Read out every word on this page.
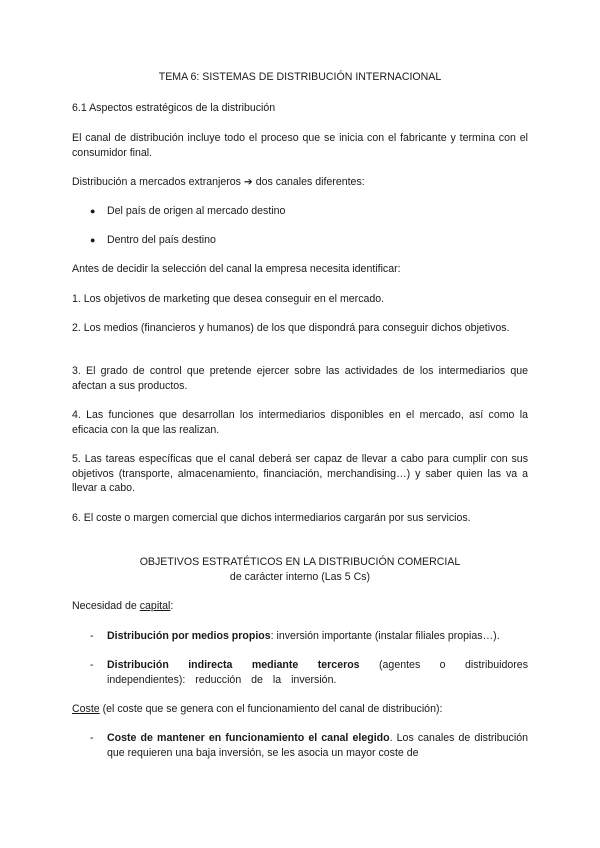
TEMA 6: SISTEMAS DE DISTRIBUCIÓN INTERNACIONAL
6.1 Aspectos estratégicos de la distribución
El canal de distribución incluye todo el proceso que se inicia con el fabricante y termina con el consumidor final.
Distribución a mercados extranjeros ➔ dos canales diferentes:
●	Del país de origen al mercado destino
●	Dentro del país destino
Antes de decidir la selección del canal la empresa necesita identificar:
1. Los objetivos de marketing que desea conseguir en el mercado.
2. Los medios (financieros y humanos) de los que dispondrá para conseguir dichos objetivos.
3. El grado de control que pretende ejercer sobre las actividades de los intermediarios que afectan a sus productos.
4. Las funciones que desarrollan los intermediarios disponibles en el mercado, así como la eficacia con la que las realizan.
5. Las tareas específicas que el canal deberá ser capaz de llevar a cabo para cumplir con sus objetivos (transporte, almacenamiento, financiación, merchandising…) y saber quien las va a llevar a cabo.
6. El coste o margen comercial que dichos intermediarios cargarán por sus servicios.
OBJETIVOS ESTRATÉTICOS EN LA DISTRIBUCIÓN COMERCIAL
de carácter interno (Las 5 Cs)
Necesidad de capital:
- Distribución por medios propios: inversión importante (instalar filiales propias…).
- Distribución indirecta mediante terceros (agentes o distribuidores independientes): reducción de la inversión.
Coste (el coste que se genera con el funcionamiento del canal de distribución):
- Coste de mantener en funcionamiento el canal elegido. Los canales de distribución que requieren una baja inversión, se les asocia un mayor coste de
